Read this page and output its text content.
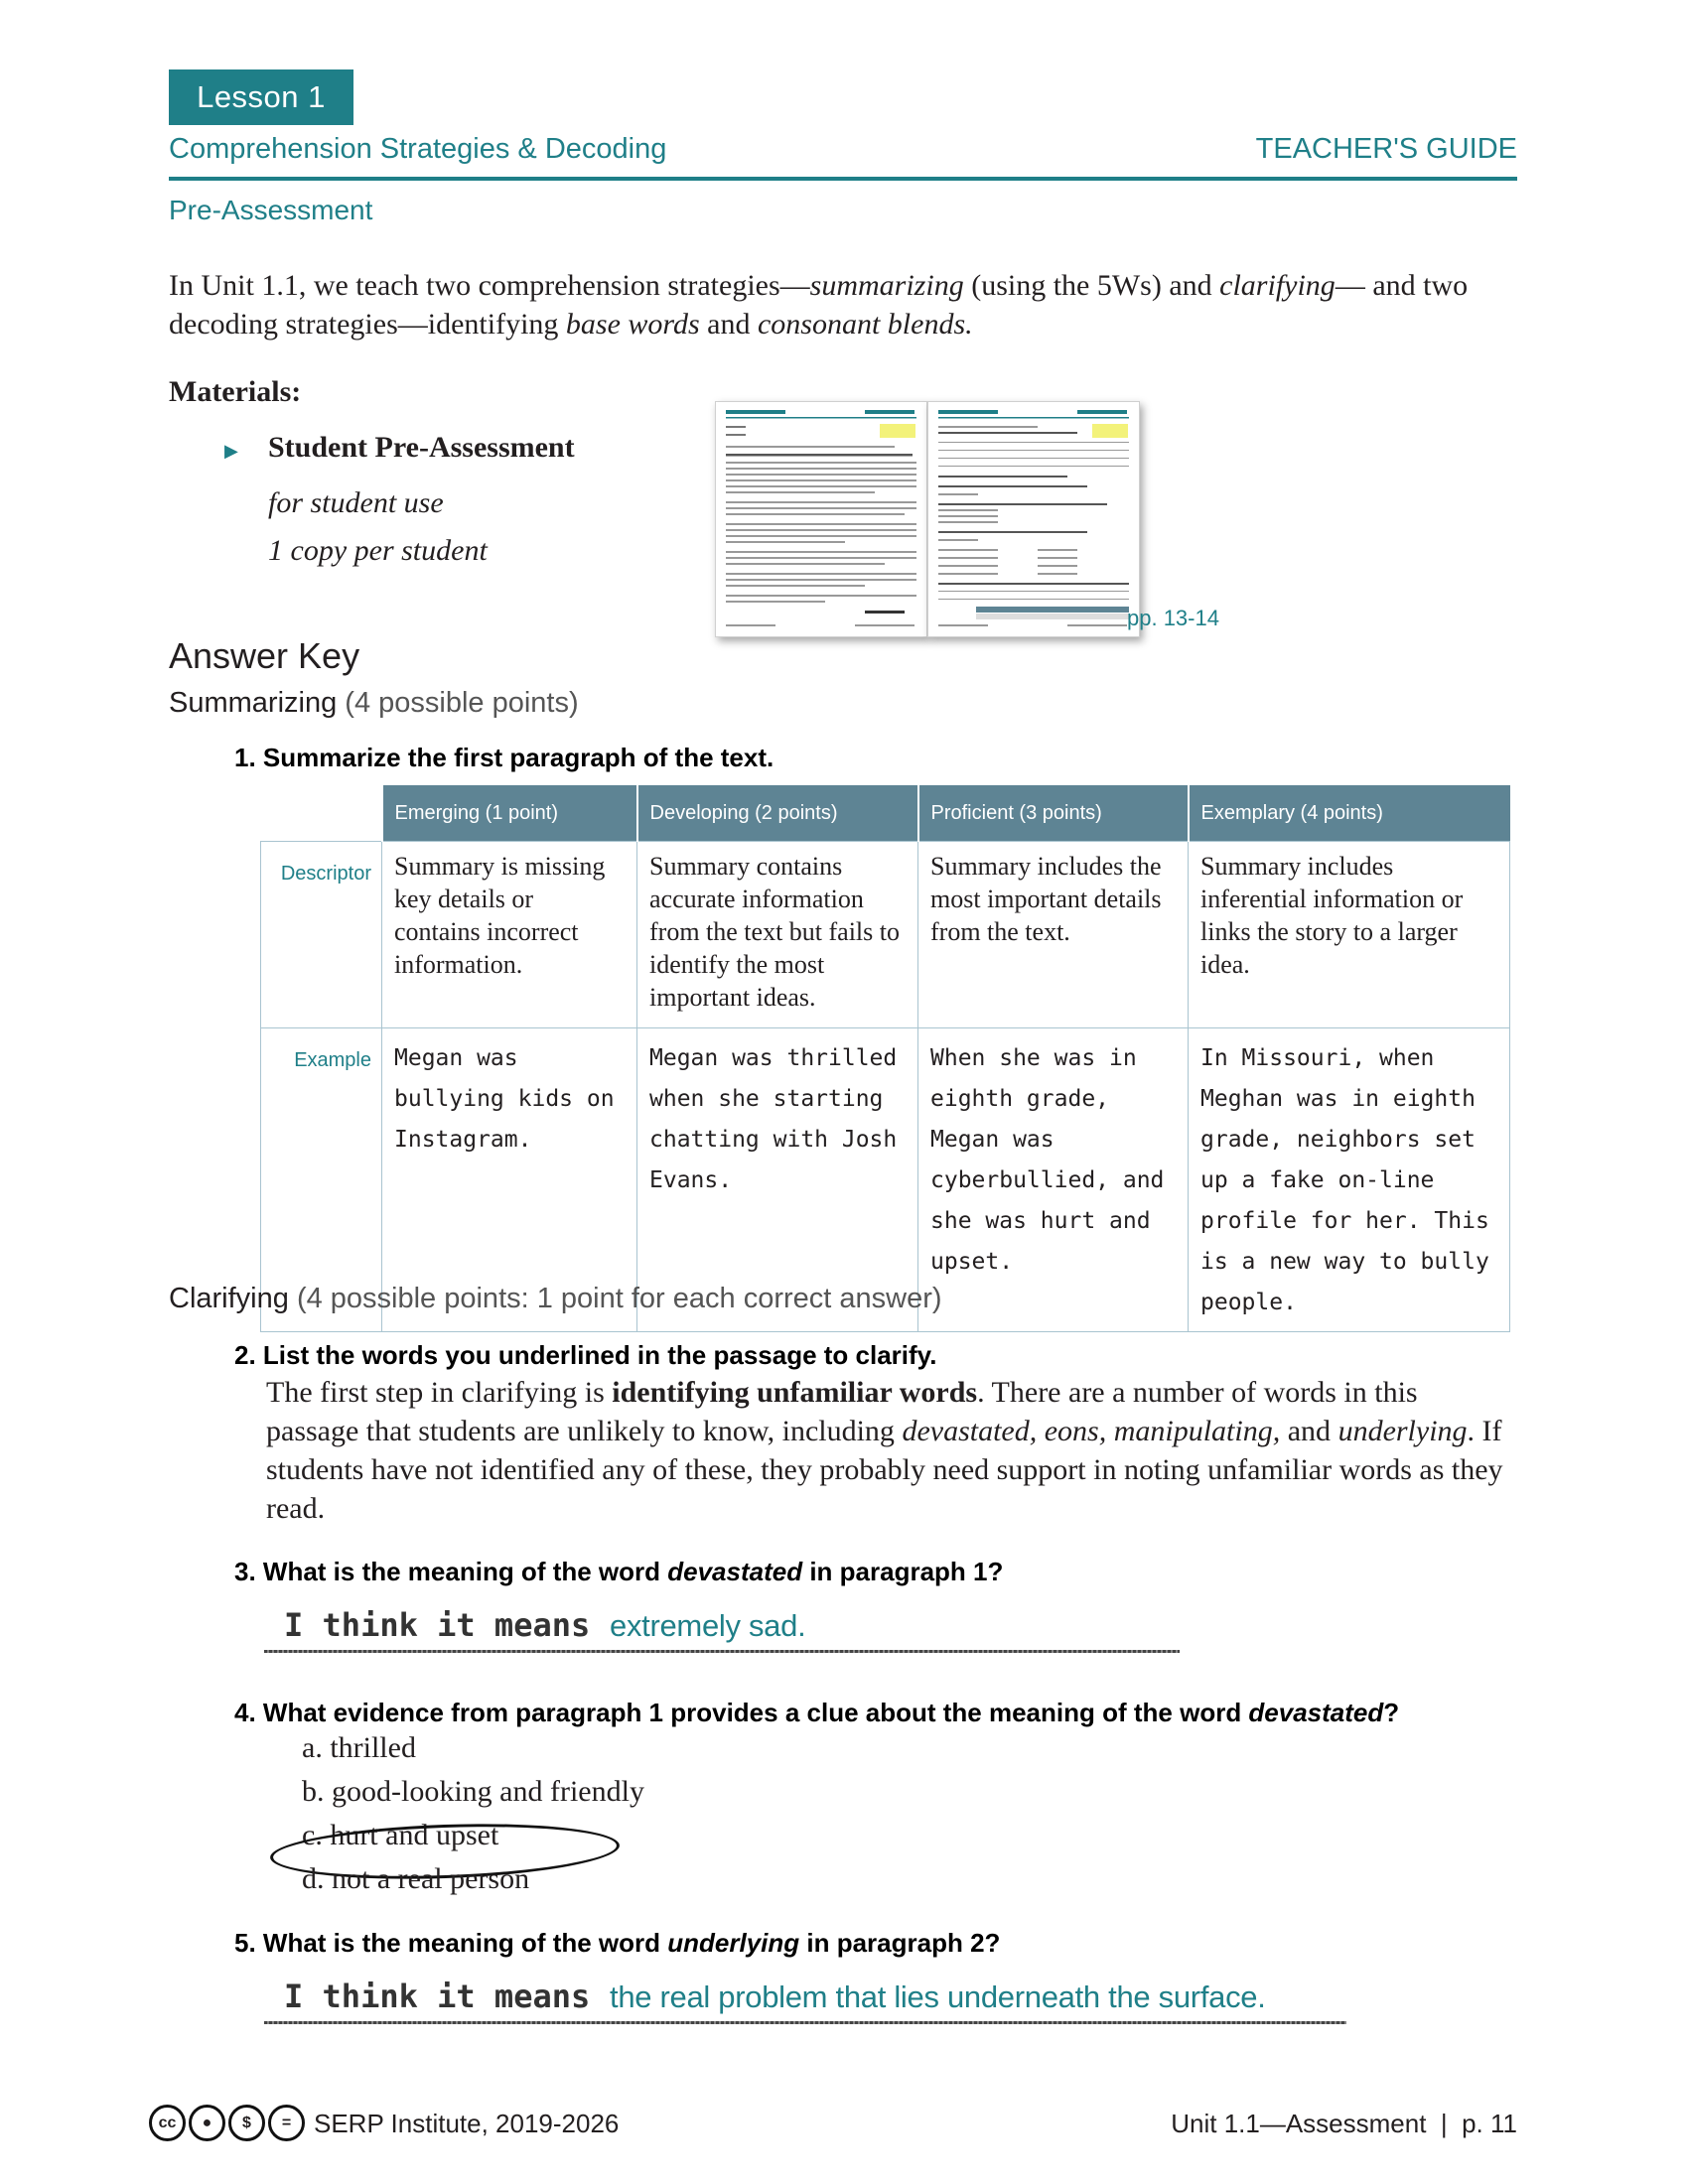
Lesson 1
Comprehension Strategies & Decoding	TEACHER'S GUIDE
Pre-Assessment
In Unit 1.1, we teach two comprehension strategies—summarizing (using the 5Ws) and clarifying— and two decoding strategies—identifying base words and consonant blends.
Materials:
▶ Student Pre-Assessment
for student use
1 copy per student
pp. 13-14
Answer Key
Summarizing (4 possible points)
1. Summarize the first paragraph of the text.
	Emerging (1 point)	Developing (2 points)	Proficient (3 points)	Exemplary (4 points)
Descriptor	Summary is missing key details or contains incorrect information.	Summary contains accurate information from the text but fails to identify the most important ideas.	Summary includes the most important details from the text.	Summary includes inferential information or links the story to a larger idea.
Example	Megan was bullying kids on Instagram.	Megan was thrilled when she starting chatting with Josh Evans.	When she was in eighth grade, Megan was cyberbullied, and she was hurt and upset.	In Missouri, when Meghan was in eighth grade, neighbors set up a fake on-line profile for her. This is a new way to bully people.
Clarifying (4 possible points: 1 point for each correct answer)
2. List the words you underlined in the passage to clarify.
The first step in clarifying is identifying unfamiliar words. There are a number of words in this passage that students are unlikely to know, including devastated, eons, manipulating, and underlying. If students have not identified any of these, they probably need support in noting unfamiliar words as they read.
3. What is the meaning of the word devastated in paragraph 1?
I think it means extremely sad.
4. What evidence from paragraph 1 provides a clue about the meaning of the word devastated?
a. thrilled
b. good-looking and friendly
c. hurt and upset
d. not a real person
5. What is the meaning of the word underlying in paragraph 2?
I think it means the real problem that lies underneath the surface.
cc ● $ = SERP Institute, 2019-2026	Unit 1.1—Assessment  |  p. 11
